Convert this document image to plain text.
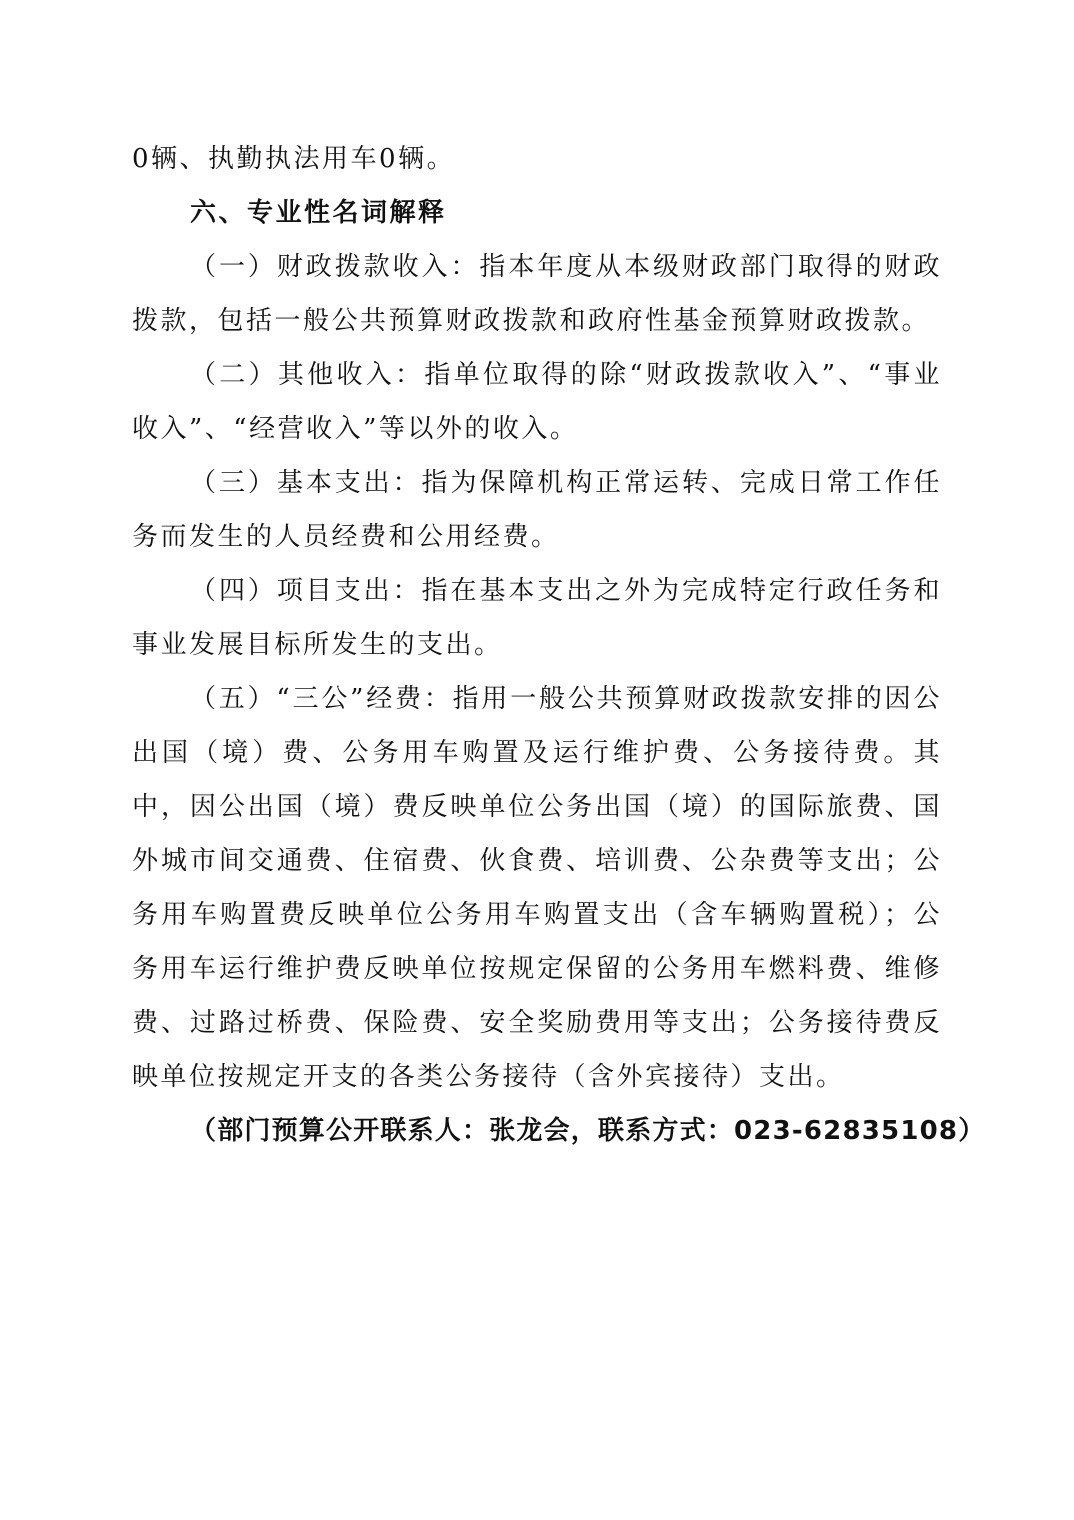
0辆、执勤执法用车0辆。

六、专业性名词解释

（一）财政拨款收入：指本年度从本级财政部门取得的财政拨款，包括一般公共预算财政拨款和政府性基金预算财政拨款。

（二）其他收入：指单位取得的除“财政拨款收入”、“事业收入”、“经营收入”等以外的收入。

（三）基本支出：指为保障机构正常运转、完成日常工作任务而发生的人员经费和公用经费。

（四）项目支出：指在基本支出之外为完成特定行政任务和事业发展目标所发生的支出。

（五）“三公”经费：指用一般公共预算财政拨款安排的因公出国（境）费、公务用车购置及运行维护费、公务接待费。其中，因公出国（境）费反映单位公务出国（境）的国际旅费、国外城市间交通费、住宿费、伙食费、培训费、公杂费等支出；公务用车购置费反映单位公务用车购置支出（含车辆购置税）；公务用车运行维护费反映单位按规定保留的公务用车燃料费、维修费、过路过桥费、保险费、安全奖励费用等支出；公务接待费反映单位按规定开支的各类公务接待（含外宾接待）支出。

（部门预算公开联系人：张龙会，联系方式：023-62835108）
